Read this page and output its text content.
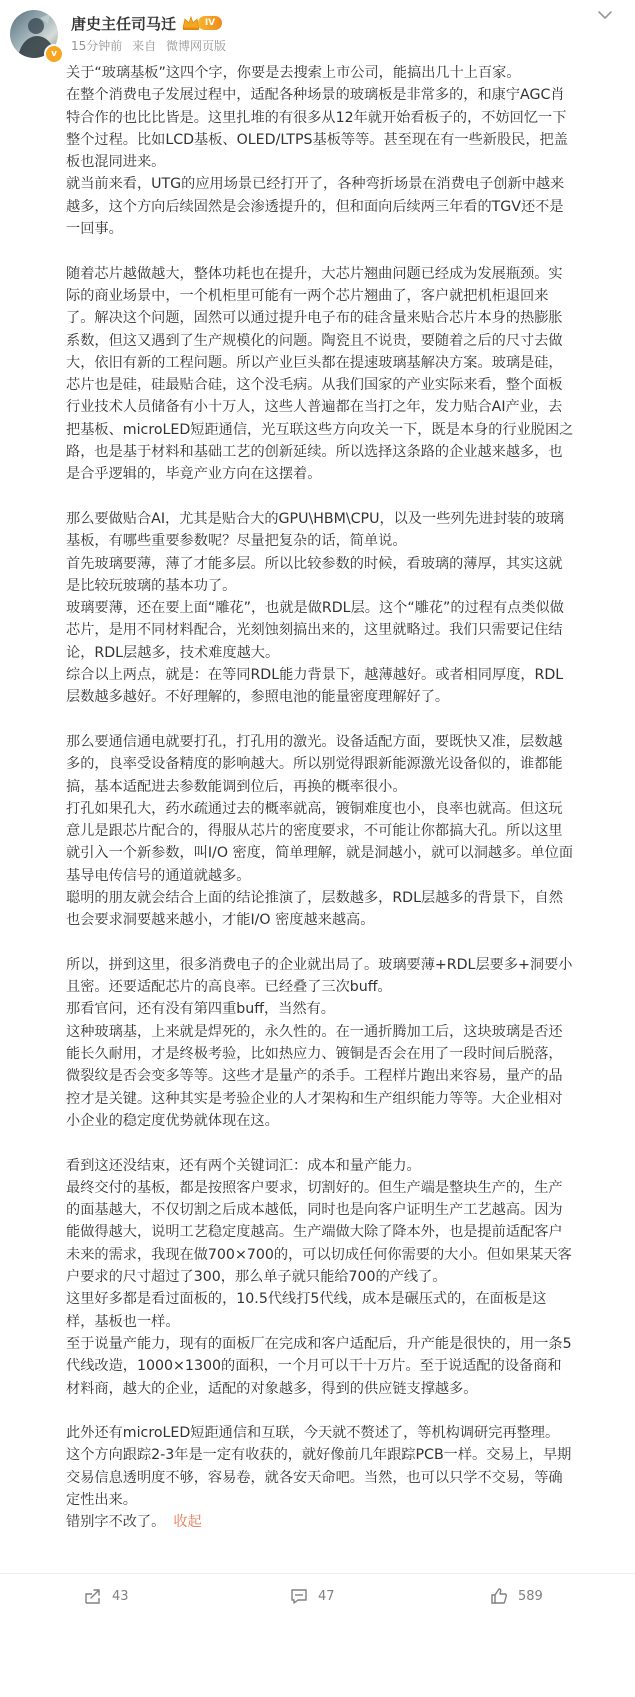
v
唐史主任司马迁	IV
15分钟前 来自 微博网页版

关于“玻璃基板”这四个字，你要是去搜索上市公司，能搞出几十上百家。

在整个消费电子发展过程中，适配各种场景的玻璃板是非常多的，和康宁AGC肖特合作的也比比皆是。这里扎堆的有很多从12年就开始看板子的，不妨回忆一下整个过程。比如LCD基板、OLED/LTPS基板等等。甚至现在有一些新股民，把盖板也混同进来。

就当前来看，UTG的应用场景已经打开了，各种弯折场景在消费电子创新中越来越多，这个方向后续固然是会渗透提升的，但和面向后续两三年看的TGV还不是一回事。

随着芯片越做越大，整体功耗也在提升，大芯片翘曲问题已经成为发展瓶颈。实际的商业场景中，一个机柜里可能有一两个芯片翘曲了，客户就把机柜退回来了。解决这个问题，固然可以通过提升电子布的硅含量来贴合芯片本身的热膨胀系数，但这又遇到了生产规模化的问题。陶瓷且不说贵，要随着之后的尺寸去做大，依旧有新的工程问题。所以产业巨头都在提速玻璃基解决方案。玻璃是硅，芯片也是硅，硅最贴合硅，这个没毛病。从我们国家的产业实际来看，整个面板行业技术人员储备有小十万人，这些人普遍都在当打之年，发力贴合AI产业，去把基板、microLED短距通信，光互联这些方向攻关一下，既是本身的行业脱困之路，也是基于材料和基础工艺的创新延续。所以选择这条路的企业越来越多，也是合乎逻辑的，毕竟产业方向在这摆着。

那么要做贴合AI，尤其是贴合大的GPU\HBM\CPU，以及一些列先进封装的玻璃基板，有哪些重要参数呢？尽量把复杂的话，简单说。

首先玻璃要薄，薄了才能多层。所以比较参数的时候，看玻璃的薄厚，其实这就是比较玩玻璃的基本功了。

玻璃要薄，还在要上面“雕花”，也就是做RDL层。这个“雕花”的过程有点类似做芯片，是用不同材料配合，光刻蚀刻搞出来的，这里就略过。我们只需要记住结论，RDL层越多，技术难度越大。

综合以上两点，就是：在等同RDL能力背景下，越薄越好。或者相同厚度，RDL层数越多越好。不好理解的，参照电池的能量密度理解好了。

那么要通信通电就要打孔，打孔用的激光。设备适配方面，要既快又准，层数越多的，良率受设备精度的影响越大。所以别觉得跟新能源激光设备似的，谁都能搞，基本适配进去参数能调到位后，再换的概率很小。

打孔如果孔大，药水疏通过去的概率就高，镀铜难度也小，良率也就高。但这玩意儿是跟芯片配合的，得服从芯片的密度要求，不可能让你都搞大孔。所以这里就引入一个新参数，叫I/O 密度，简单理解，就是洞越小，就可以洞越多。单位面基导电传信号的通道就越多。

聪明的朋友就会结合上面的结论推演了，层数越多，RDL层越多的背景下，自然也会要求洞要越来越小，才能I/O 密度越来越高。

所以，拼到这里，很多消费电子的企业就出局了。玻璃要薄+RDL层要多+洞要小且密。还要适配芯片的高良率。已经叠了三次buff。

那看官问，还有没有第四重buff，当然有。

这种玻璃基，上来就是焊死的，永久性的。在一通折腾加工后，这块玻璃是否还能长久耐用，才是终极考验，比如热应力、镀铜是否会在用了一段时间后脱落，微裂纹是否会变多等等。这些才是量产的杀手。工程样片跑出来容易，量产的品控才是关键。这种其实是考验企业的人才架构和生产组织能力等等。大企业相对小企业的稳定度优势就体现在这。

看到这还没结束，还有两个关键词汇：成本和量产能力。

最终交付的基板，都是按照客户要求，切割好的。但生产端是整块生产的，生产的面基越大，不仅切割之后成本越低，同时也是向客户证明生产工艺越高。因为能做得越大，说明工艺稳定度越高。生产端做大除了降本外，也是提前适配客户未来的需求，我现在做700×700的，可以切成任何你需要的大小。但如果某天客户要求的尺寸超过了300，那么单子就只能给700的产线了。

这里好多都是看过面板的，10.5代线打5代线，成本是碾压式的，在面板是这样，基板也一样。

至于说量产能力，现有的面板厂在完成和客户适配后，升产能是很快的，用一条5代线改造，1000×1300的面积，一个月可以干十万片。至于说适配的设备商和材料商，越大的企业，适配的对象越多，得到的供应链支撑越多。

此外还有microLED短距通信和互联，今天就不赘述了，等机构调研完再整理。

这个方向跟踪2-3年是一定有收获的，就好像前几年跟踪PCB一样。交易上，早期交易信息透明度不够，容易卷，就各安天命吧。当然，也可以只学不交易，等确定性出来。

错别字不改了。 收起

43	47	589
